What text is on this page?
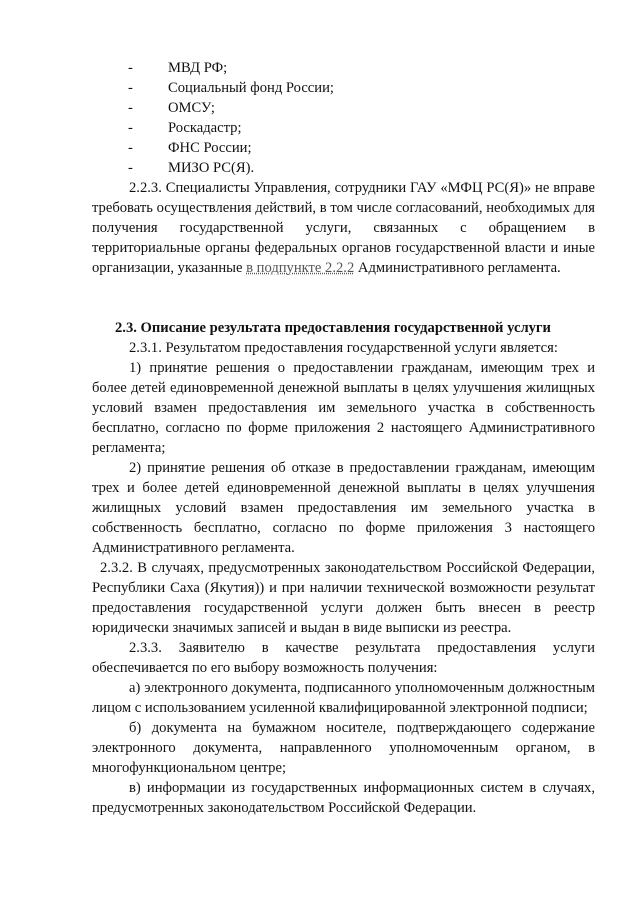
- МВД РФ;
- Социальный фонд России;
- ОМСУ;
- Роскадастр;
- ФНС России;
- МИЗО РС(Я).

2.2.3. Специалисты Управления, сотрудники ГАУ «МФЦ РС(Я)» не вправе требовать осуществления действий, в том числе согласований, необходимых для получения государственной услуги, связанных с обращением в территориальные органы федеральных органов государственной власти и иные организации, указанные в подпункте 2.2.2 Административного регламента.

2.3. Описание результата предоставления государственной услуги

2.3.1. Результатом предоставления государственной услуги является:

1) принятие решения о предоставлении гражданам, имеющим трех и более детей единовременной денежной выплаты в целях улучшения жилищных условий взамен предоставления им земельного участка в собственность бесплатно, согласно по форме приложения 2 настоящего Административного регламента;

2) принятие решения об отказе в предоставлении гражданам, имеющим трех и более детей единовременной денежной выплаты в целях улучшения жилищных условий взамен предоставления им земельного участка в собственность бесплатно, согласно по форме приложения 3 настоящего Административного регламента.

2.3.2. В случаях, предусмотренных законодательством Российской Федерации, Республики Саха (Якутия)) и при наличии технической возможности результат предоставления государственной услуги должен быть внесен в реестр юридически значимых записей и выдан в виде выписки из реестра.

2.3.3. Заявителю в качестве результата предоставления услуги обеспечивается по его выбору возможность получения:

а) электронного документа, подписанного уполномоченным должностным лицом с использованием усиленной квалифицированной электронной подписи;

б) документа на бумажном носителе, подтверждающего содержание электронного документа, направленного уполномоченным органом, в многофункциональном центре;

в) информации из государственных информационных систем в случаях, предусмотренных законодательством Российской Федерации.
